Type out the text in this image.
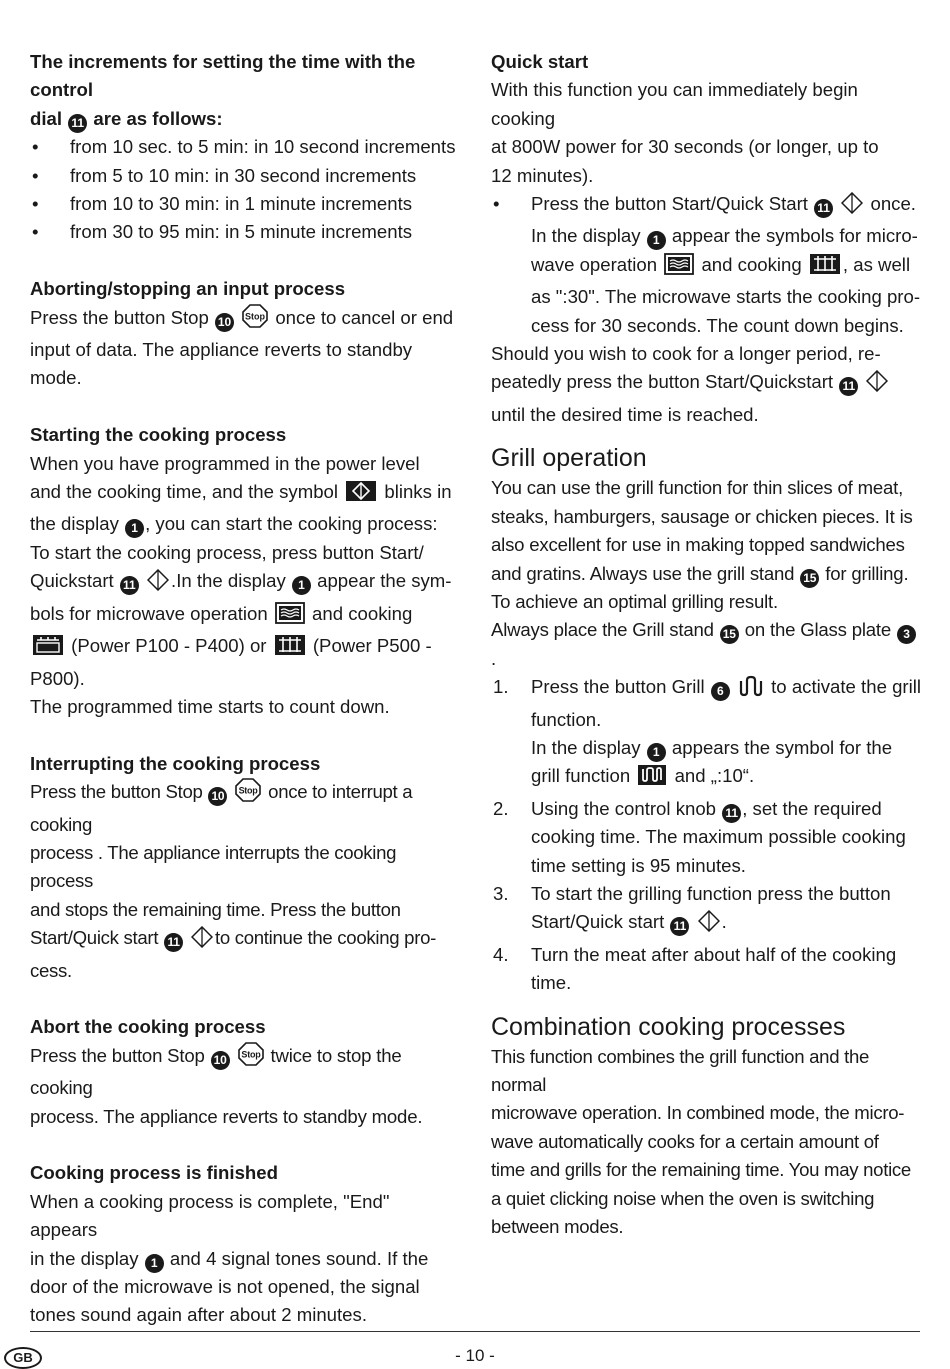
The increments for setting the time with the control
dial 11 are as follows:
• from 10 sec. to 5 min: in 10 second increments
• from 5 to 10 min: in 30 second increments
• from 10 to 30 min: in 1 minute increments
• from 30 to 95 min: in 5 minute increments
Aborting/stopping an input process

Press the button Stop 10 Stop once to cancel or end
input of data. The appliance reverts to standby mode.

Starting the cooking process

When you have programmed in the power level
and the cooking time, and the symbol blinks in
the display 1 , you can start the cooking process:
To start the cooking process, press button Start/
Quickstart 11 .In the display 1 appear the sym-
bols for microwave operation and cooking
(Power P100 - P400) or (Power P500 -
P800).
The programmed time starts to count down.

Interrupting the cooking process

Press the button Stop 10 Stop once to interrupt a cooking
process . The appliance interrupts the cooking process
and stops the remaining time. Press the button
Start/Quick start 11 to continue the cooking pro-
cess.

Abort the cooking process

Press the button Stop 10 Stop twice to stop the cooking
process. The appliance reverts to standby mode.

Cooking process is finished

When a cooking process is complete, "End" appears
in the display 1 and 4 signal tones sound. If the
door of the microwave is not opened, the signal
tones sound again after about 2 minutes.

Quick start

With this function you can immediately begin cooking
at 800W power for 30 seconds (or longer, up to
12 minutes).

• Press the button Start/Quick Start 11 once.
In the display 1 appear the symbols for micro-
wave operation and cooking , as well
as ":30". The microwave starts the cooking pro-
cess for 30 seconds. The count down begins.

Should you wish to cook for a longer period, re-
peatedly press the button Start/Quickstart 11
until the desired time is reached.

Grill operation

You can use the grill function for thin slices of meat,
steaks, hamburgers, sausage or chicken pieces. It is
also excellent for use in making topped sandwiches
and gratins. Always use the grill stand 15 for grilling.
To achieve an optimal grilling result.
Always place the Grill stand 15 on the Glass plate 3.

1. Press the button Grill 6	to activate the grill
function.
In the display 1 appears the symbol for the
grill function and „:10“.
2. Using the control knob 11 , set the required
cooking time. The maximum possible cooking
time setting is 95 minutes.
3. To start the grilling function press the button
Start/Quick start 11 .
4. Turn the meat after about half of the cooking
time.
Combination cooking processes

This function combines the grill function and the normal
microwave operation. In combined mode, the micro-
wave automatically cooks for a certain amount of
time and grills for the remaining time. You may notice
a quiet clicking noise when the oven is switching
between modes.

GB	- 10 -
